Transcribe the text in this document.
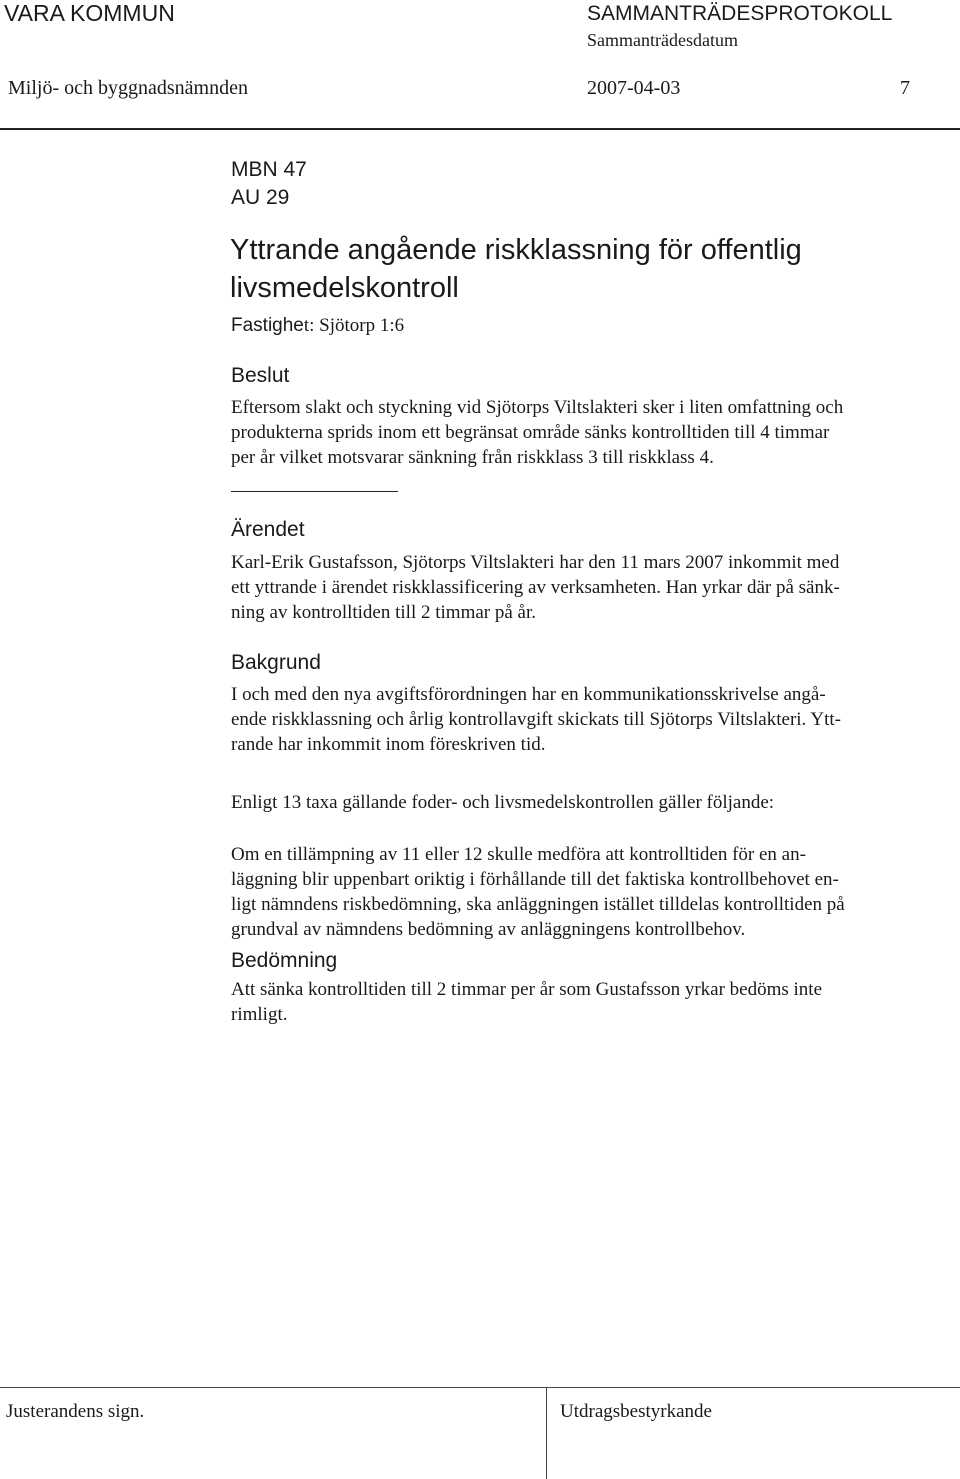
VARA KOMMUN	SAMMANTRÄDESPROTOKOLL
Sammanträdesdatum
Miljö- och byggnadsnämnden	2007-04-03	7
MBN 47
AU 29
Yttrande angående riskklassning för offentlig
livsmedelskontroll
Fastighet: Sjötorp 1:6
Beslut
Eftersom slakt och styckning vid Sjötorps Viltslakteri sker i liten omfattning och
produkterna sprids inom ett begränsat område sänks kontrolltiden till 4 timmar
per år vilket motsvarar sänkning från riskklass 3 till riskklass 4.
Ärendet
Karl-Erik Gustafsson, Sjötorps Viltslakteri har den 11 mars 2007 inkommit med
ett yttrande i ärendet riskklassificering av verksamheten. Han yrkar där på sänk-
ning av kontrolltiden till 2 timmar på år.
Bakgrund
I och med den nya avgiftsförordningen har en kommunikationsskrivelse angå-
ende riskklassning och årlig kontrollavgift skickats till Sjötorps Viltslakteri. Ytt-
rande har inkommit inom föreskriven tid.
Enligt 13 taxa gällande foder- och livsmedelskontrollen gäller följande:
Om en tillämpning av 11 eller 12 skulle medföra att kontrolltiden för en an-
läggning blir uppenbart oriktig i förhållande till det faktiska kontrollbehovet en-
ligt nämndens riskbedömning, ska anläggningen istället tilldelas kontrolltiden på
grundval av nämndens bedömning av anläggningens kontrollbehov.
Bedömning
Att sänka kontrolltiden till 2 timmar per år som Gustafsson yrkar bedöms inte
rimligt.
Justerandens sign.	Utdragsbestyrkande
